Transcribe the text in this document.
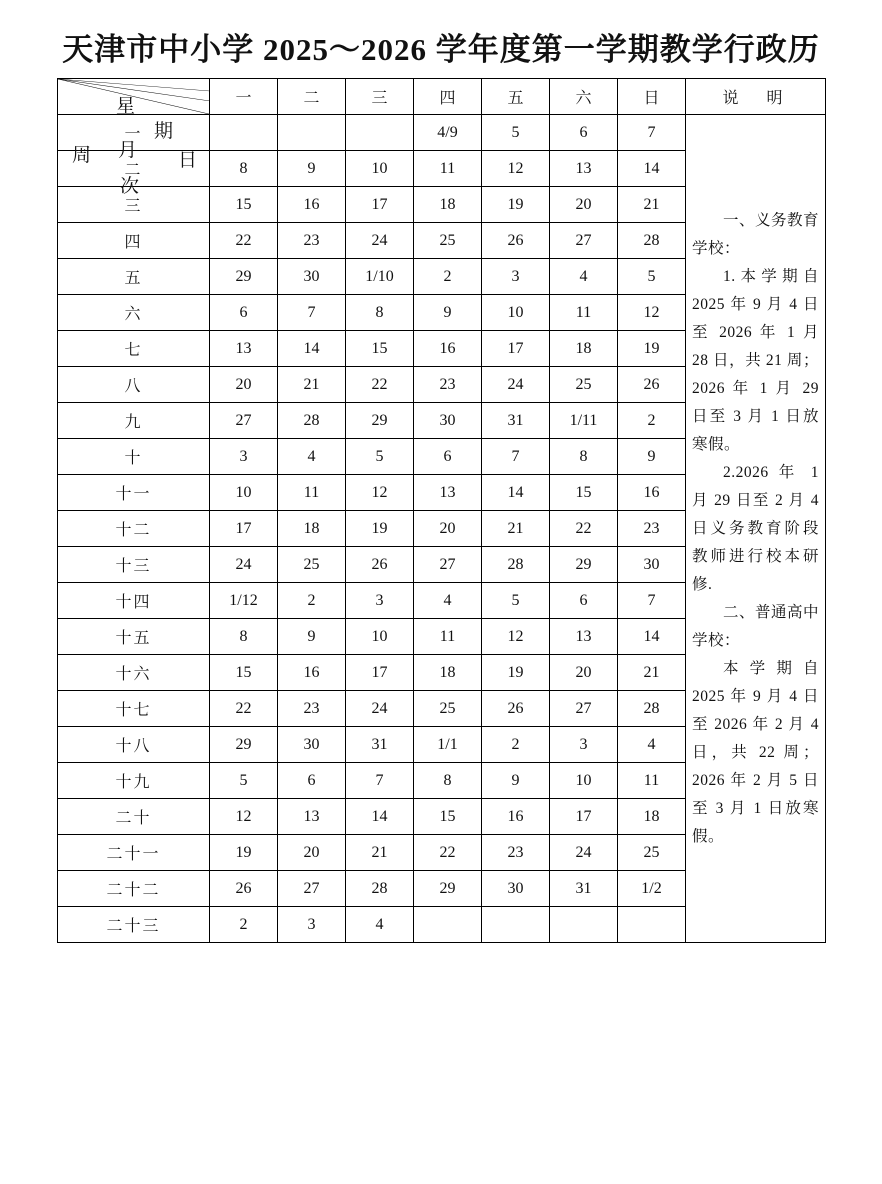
天津市中小学 2025～2026 学年度第一学期教学行政历
星
期
日
周 月
次
	一	二	三	四	五	六	日	说　明
一				4/9	5	6	7	一、义务教育学校：

1.本学期自 2025 年 9 月 4 日至 2026 年 1 月 28 日，共 21 周；2026 年 1 月 29 日至 3 月 1 日放寒假。

2.2026 年 1 月 29 日至 2 月 4 日义务教育阶段教师进行校本研修.

二、普通高中学校：

本学期自 2025 年 9 月 4 日至 2026 年 2 月 4 日，共 22 周；2026 年 2 月 5 日至 3 月 1 日放寒假。

二	8	9	10	11	12	13	14	
三	15	16	17	18	19	20	21	
四	22	23	24	25	26	27	28	
五	29	30	1/10	2	3	4	5	
六	6	7	8	9	10	11	12	
七	13	14	15	16	17	18	19	
八	20	21	22	23	24	25	26	
九	27	28	29	30	31	1/11	2	
十	3	4	5	6	7	8	9	
十一	10	11	12	13	14	15	16	
十二	17	18	19	20	21	22	23	
十三	24	25	26	27	28	29	30	
十四	1/12	2	3	4	5	6	7	
十五	8	9	10	11	12	13	14	
十六	15	16	17	18	19	20	21	
十七	22	23	24	25	26	27	28	
十八	29	30	31	1/1	2	3	4	
十九	5	6	7	8	9	10	11	
二十	12	13	14	15	16	17	18	
二十一	19	20	21	22	23	24	25	
二十二	26	27	28	29	30	31	1/2	
二十三	2	3	4					
